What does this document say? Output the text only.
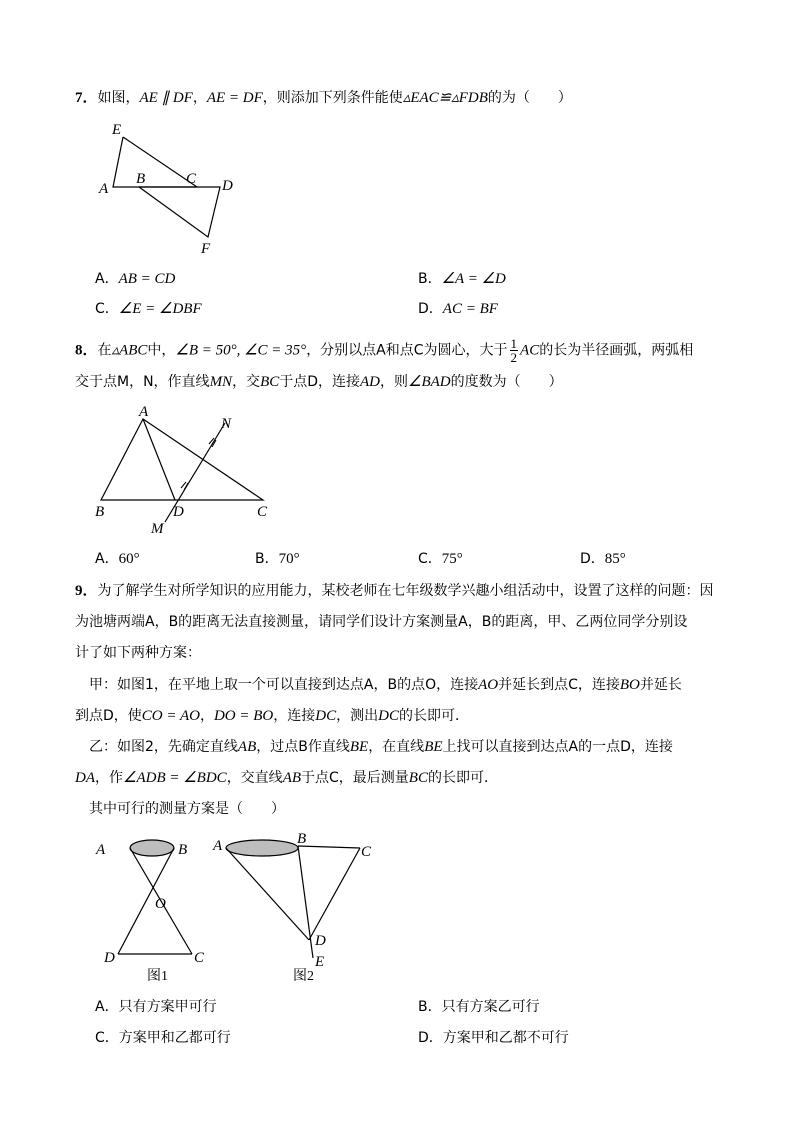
7．如图，AE ∥ DF，AE = DF，则添加下列条件能使▵EAC≌▵FDB的为（　　）
E
A
B	C D
F
A．AB = CD	B．∠A = ∠D
C．∠E = ∠DBF	D．AC = BF
8．在▵ABC中，∠B = 50°, ∠C = 35°，分别以点A和点C为圆心，大于 $\frac{1}{2}$ AC的长为半径画弧，两弧相
交于点M，N，作直线MN，交BC于点D，连接AD，则∠BAD的度数为（　　）
A
B	D	C
M
N
A．60°	B．70°	C．75°	D．85°
9．为了解学生对所学知识的应用能力，某校老师在七年级数学兴趣小组活动中，设置了这样的问题：因
为池塘两端A，B的距离无法直接测量，请同学们设计方案测量A，B的距离，甲、乙两位同学分别设
计了如下两种方案：
甲：如图1，在平地上取一个可以直接到达点A，B的点O，连接AO并延长到点C，连接BO并延长
到点D，使CO = AO，DO = BO，连接DC，测出DC的长即可．
乙：如图2，先确定直线AB，过点B作直线BE，在直线BE上找可以直接到达点A的一点D，连接
DA，作∠ADB = ∠BDC，交直线AB于点C，最后测量BC的长即可．
其中可行的测量方案是（　　）
A	B
O
D	C
图1
A	B
C
D
E
图2
A．只有方案甲可行	B．只有方案乙可行
C．方案甲和乙都可行	D．方案甲和乙都不可行
